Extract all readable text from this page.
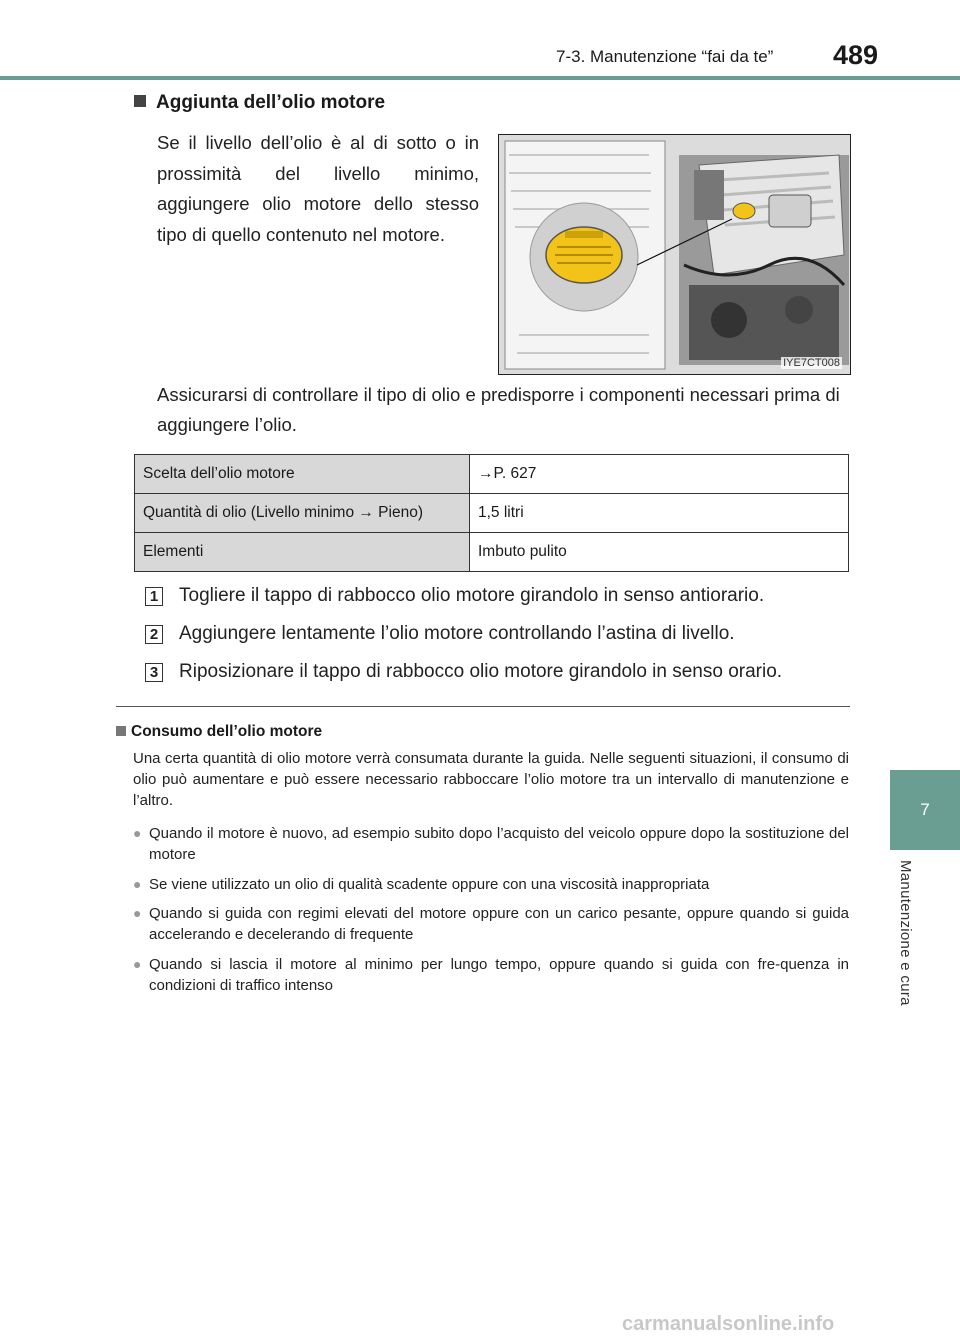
7-3. Manutenzione “fai da te” 489
7
Manutenzione e cura
Aggiunta dell’olio motore
Se il livello dell’olio è al di sotto o in prossimità del livello minimo, aggiungere olio motore dello stesso tipo di quello contenuto nel motore.
IYE7CT008
Assicurarsi di controllare il tipo di olio e predisporre i componenti necessari prima di aggiungere l’olio.
Scelta dell’olio motore	→P. 627
Quantità di olio (Livello minimo → Pieno)	1,5 litri
Elementi	Imbuto pulito
1 Togliere il tappo di rabbocco olio motore girandolo in senso antiorario.
2 Aggiungere lentamente l’olio motore controllando l’astina di livello.
3 Riposizionare il tappo di rabbocco olio motore girandolo in senso orario.
Consumo dell’olio motore
Una certa quantità di olio motore verrà consumata durante la guida. Nelle seguenti situazioni, il consumo di olio può aumentare e può essere necessario rabboccare l’olio motore tra un intervallo di manutenzione e l’altro.
● Quando il motore è nuovo, ad esempio subito dopo l’acquisto del veicolo oppure dopo la sostituzione del motore
● Se viene utilizzato un olio di qualità scadente oppure con una viscosità inappropriata
● Quando si guida con regimi elevati del motore oppure con un carico pesante, oppure quando si guida accelerando e decelerando di frequente
● Quando si lascia il motore al minimo per lungo tempo, oppure quando si guida con fre-quenza in condizioni di traffico intenso
carmanualsonline.info
